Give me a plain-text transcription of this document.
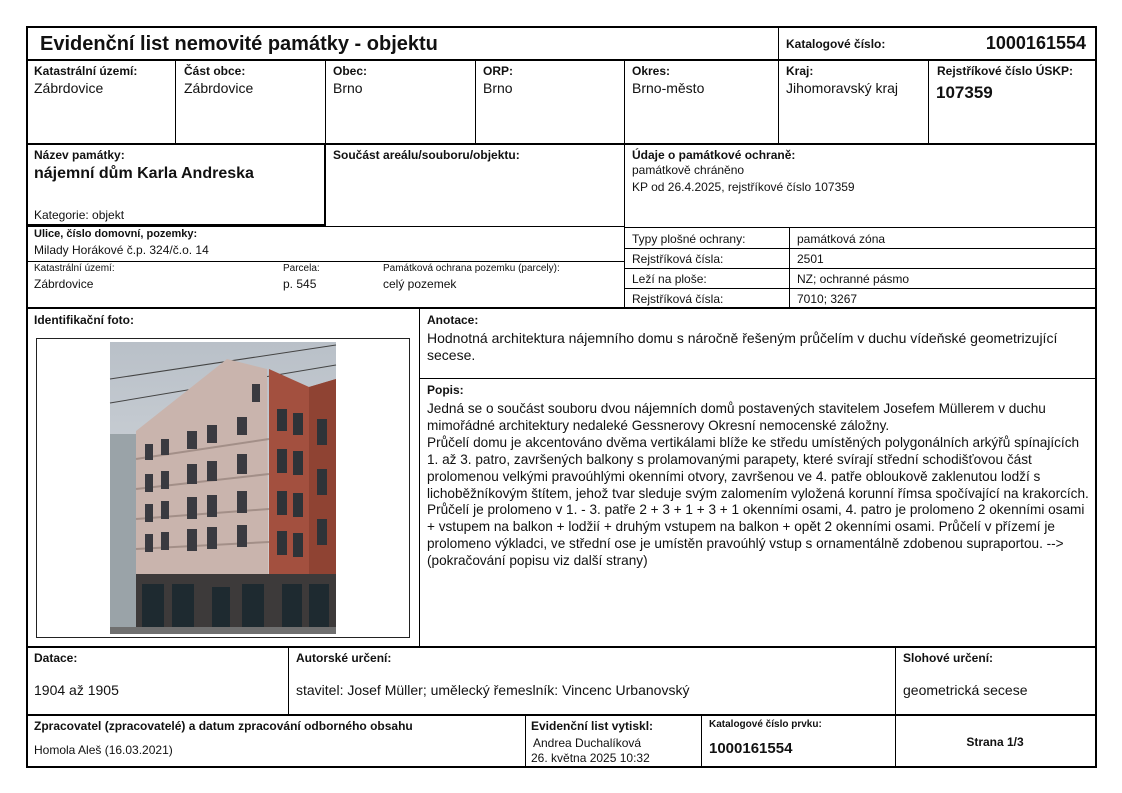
Evidenční list nemovité památky - objektu	Katalogové číslo:	1000161554
Katastrální území:
Zábrdovice
Část obce:
Zábrdovice
Obec:
Brno
ORP:
Brno
Okres:
Brno-město
Kraj:
Jihomoravský kraj
Rejstříkové číslo ÚSKP:
107359
Název památky:
nájemní dům Karla Andreska
Kategorie: objekt
Součást areálu/souboru/objektu:	Údaje o památkové ochraně:
památkově chráněno
KP od 26.4.2025, rejstříkové číslo 107359
Ulice, číslo domovní, pozemky:
Milady Horákové č.p. 324/č.o. 14
Katastrální území:
Zábrdovice
Parcela:
p. 545
Památková ochrana pozemku (parcely):
celý pozemek
Typy plošné ochrany:	památková zóna
Rejstříková čísla:	2501
Leží na ploše:	NZ; ochranné pásmo
Rejstříková čísla:	7010; 3267
Identifikační foto:	Anotace:
Hodnotná architektura nájemního domu s náročně řešeným průčelím v duchu vídeňské geometrizující secese.
Popis:
Jedná se o součást souboru dvou nájemních domů postavených stavitelem Josefem Müllerem v duchu mimořádné architektury nedaleké Gessnerovy Okresní nemocenské záložny.
Průčelí domu je akcentováno dvěma vertikálami blíže ke středu umístěných polygonálních arkýřů spínajících 1. až 3. patro, završených balkony s prolamovanými parapety, které svírají střední schodišťovou část prolomenou velkými pravoúhlými okenními otvory, završenou ve 4. patře obloukově zaklenutou lodží s lichoběžníkovým štítem, jehož tvar sleduje svým zalomením vyložená korunní římsa spočívající na krakorcích.
Průčelí je prolomeno v 1. - 3. patře 2 + 3 + 1 + 3 + 1 okenními osami, 4. patro je prolomeno 2 okenními osami + vstupem na balkon + lodžií + druhým vstupem na balkon + opět 2 okenními osami. Průčelí v přízemí je prolomeno výkladci, ve střední ose je umístěn pravoúhlý vstup s ornamentálně zdobenou supraportou. --> (pokračování popisu viz další strany)
Datace:
1904 až 1905
Autorské určení:
stavitel: Josef Müller; umělecký řemeslník: Vincenc Urbanovský
Slohové určení:
geometrická secese
Zpracovatel (zpracovatelé) a datum zpracování odborného obsahu
Homola Aleš (16.03.2021)
Evidenční list vytiskl:
Andrea Duchalíková
26. května 2025 10:32
Katalogové číslo prvku:
1000161554	Strana 1/3
